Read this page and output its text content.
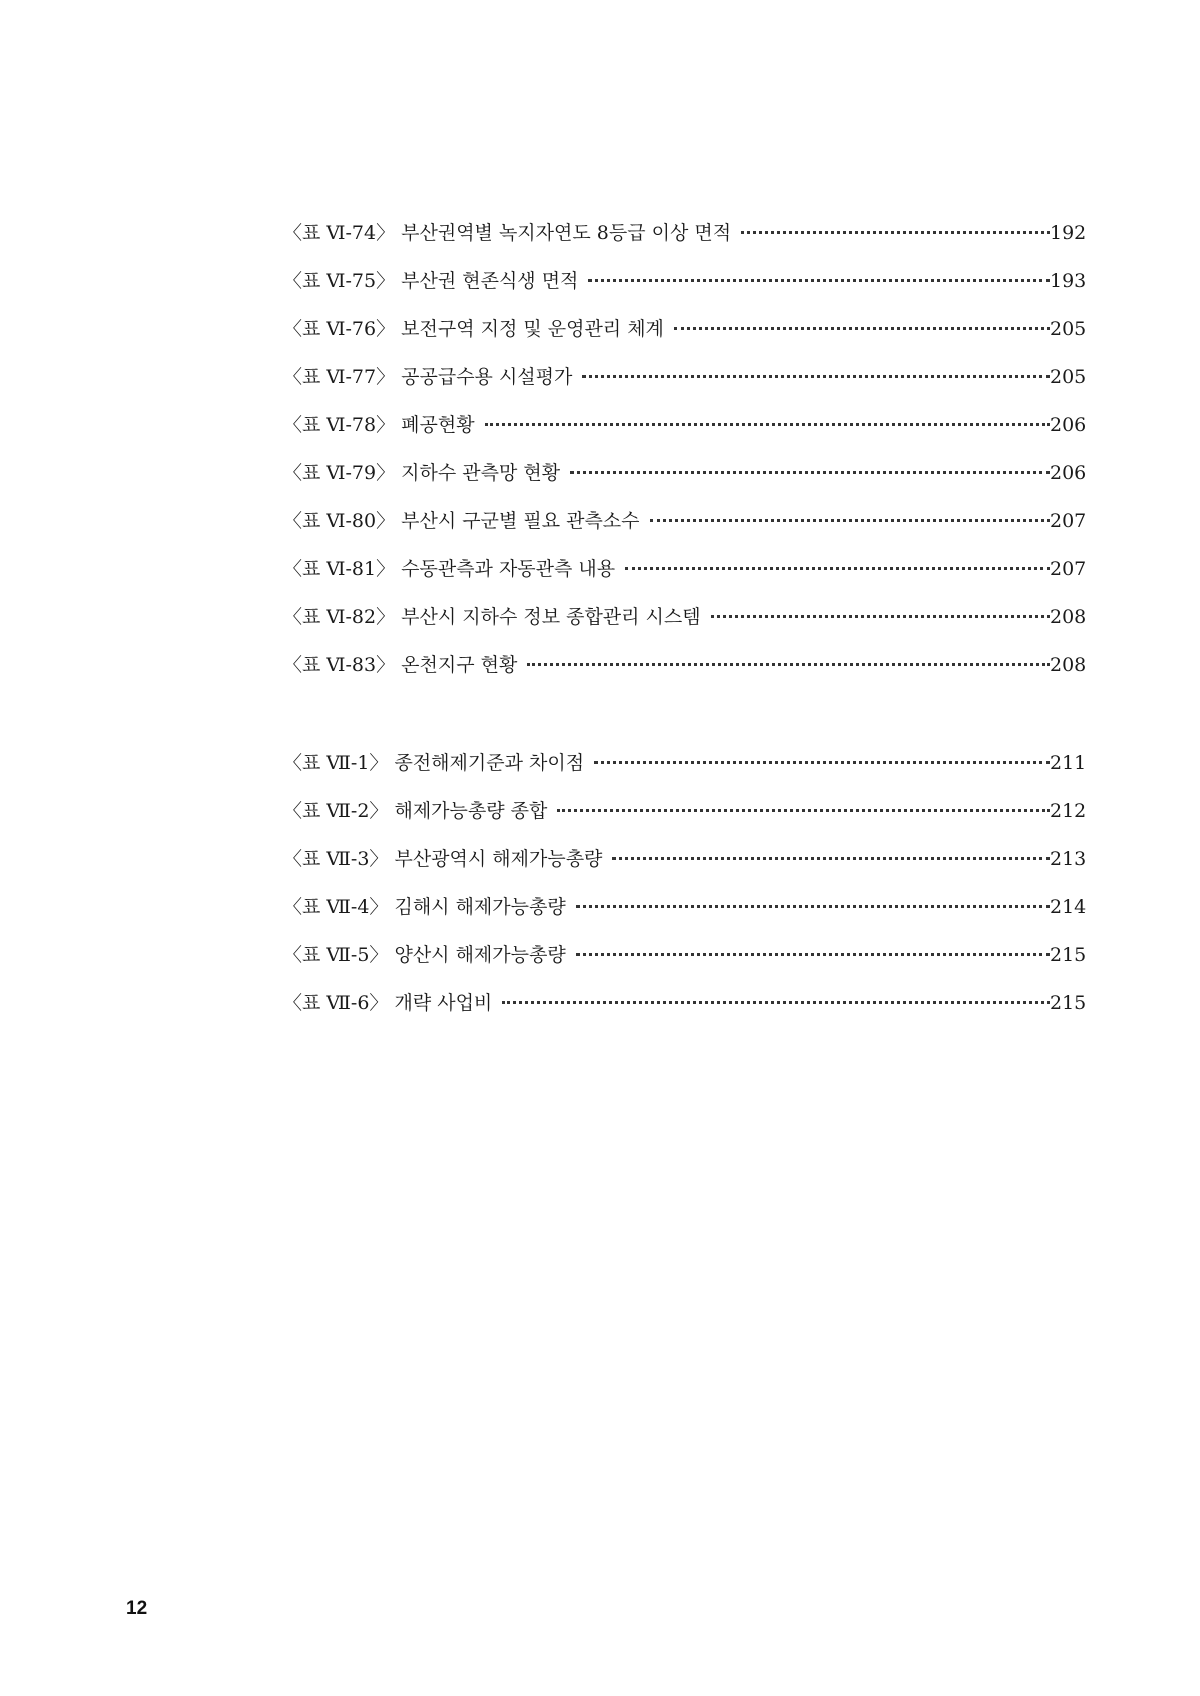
〈표 Ⅵ-74〉 부산권역별 녹지자연도 8등급 이상 면적	192
〈표 Ⅵ-75〉 부산권 현존식생 면적	193
〈표 Ⅵ-76〉 보전구역 지정 및 운영관리 체계	205
〈표 Ⅵ-77〉 공공급수용 시설평가	205
〈표 Ⅵ-78〉 폐공현황	206
〈표 Ⅵ-79〉 지하수 관측망 현황	206
〈표 Ⅵ-80〉 부산시 구군별 필요 관측소수	207
〈표 Ⅵ-81〉 수동관측과 자동관측 내용	207
〈표 Ⅵ-82〉 부산시 지하수 정보 종합관리 시스템	208
〈표 Ⅵ-83〉 온천지구 현황	208
〈표 Ⅶ-1〉 종전해제기준과 차이점	211
〈표 Ⅶ-2〉 해제가능총량 종합	212
〈표 Ⅶ-3〉 부산광역시 해제가능총량	213
〈표 Ⅶ-4〉 김해시 해제가능총량	214
〈표 Ⅶ-5〉 양산시 해제가능총량	215
〈표 Ⅶ-6〉 개략 사업비	215
12
